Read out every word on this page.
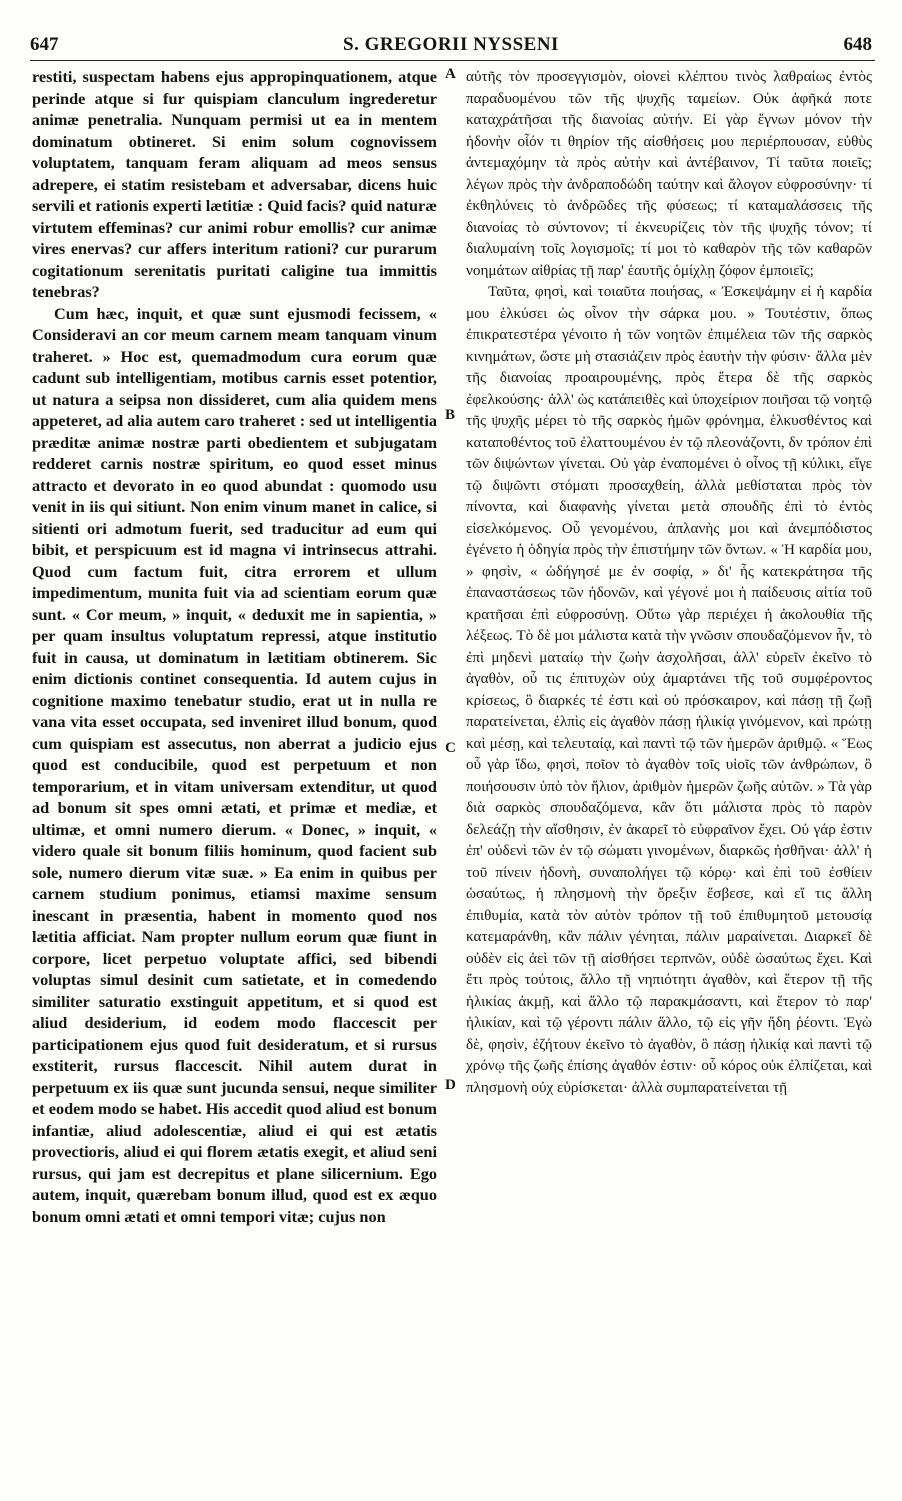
647	S. GREGORII NYSSENI	648

restiti, suspectam habens ejus appropinquationem, atque perinde atque si fur quispiam clanculum ingrederetur animæ penetralia. Nunquam permisi ut ea in mentem dominatum obtineret. Si enim solum cognovissem voluptatem, tanquam feram aliquam ad meos sensus adrepere, ei statim resistebam et adversabar, dicens huic servili et rationis experti lætitiæ : Quid facis? quid naturæ virtutem effeminas? cur animi robur emollis? cur animæ vires enervas? cur affers interitum rationi? cur purarum cogitationum serenitatis puritati caligine tua immittis tenebras?

Cum hæc, inquit, et quæ sunt ejusmodi fecissem, « Consideravi an cor meum carnem meam tanquam vinum traheret. » Hoc est, quemadmodum cura eorum quæ cadunt sub intelligentiam, motibus carnis esset potentior, ut natura a seipsa non dissideret, cum alia quidem mens appeteret, ad alia autem caro traheret : sed ut intelligentia præditæ animæ nostræ parti obedientem et subjugatam redderet carnis nostræ spiritum, eo quod esset minus attracto et devorato in eo quod abundat : quomodo usu venit in iis qui sitiunt. Non enim vinum manet in calice, si sitienti ori admotum fuerit, sed traducitur ad eum qui bibit, et perspicuum est id magna vi intrinsecus attrahi. Quod cum factum fuit, citra errorem et ullum impedimentum, munita fuit via ad scientiam eorum quæ sunt. « Cor meum, » inquit, « deduxit me in sapientia, » per quam insultus voluptatum repressi, atque institutio fuit in causa, ut dominatum in lætitiam obtinerem. Sic enim dictionis continet consequentia. Id autem cujus in cognitione maximo tenebatur studio, erat ut in nulla re vana vita esset occupata, sed inveniret illud bonum, quod cum quispiam est assecutus, non aberrat a judicio ejus quod est conducibile, quod est perpetuum et non temporarium, et in vitam universam extenditur, ut quod ad bonum sit spes omni ætati, et primæ et mediæ, et ultimæ, et omni numero dierum. « Donec, » inquit, « videro quale sit bonum filiis hominum, quod facient sub sole, numero dierum vitæ suæ. » Ea enim in quibus per carnem studium ponimus, etiamsi maxime sensum inescant in præsentia, habent in momento quod nos lætitia afficiat. Nam propter nullum eorum quæ fiunt in corpore, licet perpetuo voluptate affici, sed bibendi voluptas simul desinit cum satietate, et in comedendo similiter saturatio exstinguit appetitum, et si quod est aliud desiderium, id eodem modo flaccescit per participationem ejus quod fuit desideratum, et si rursus exstiterit, rursus flaccescit. Nihil autem durat in perpetuum ex iis quæ sunt jucunda sensui, neque similiter et eodem modo se habet. His accedit quod aliud est bonum infantiæ, aliud adolescentiæ, aliud ei qui est ætatis provectioris, aliud ei qui florem ætatis exegit, et aliud seni rursus, qui jam est decrepitus et plane silicernium. Ego autem, inquit, quærebam bonum illud, quod est ex æquo bonum omni ætati et omni tempori vitæ; cujus non

A
B
C
D

αὐτῆς τὸν προσεγγισμὸν, οἱονεὶ κλέπτου τινὸς λαθραίως ἐντὸς παραδυομένου τῶν τῆς ψυχῆς ταμείων. Οὐκ ἀφῆκά ποτε καταχράτῆσαι τῆς διανοίας αὐτήν. Εἰ γὰρ ἔγνων μόνον τὴν ἡδονὴν οἷόν τι θηρίον τῆς αἰσθήσεις μου περιέρπουσαν, εὐθὺς ἀντεμαχόμην τὰ πρὸς αὐτὴν καὶ ἀντέβαινον, Τί ταῦτα ποιεῖς; λέγων πρὸς τὴν ἀνδραποδώδη ταύτην καὶ ἄλογον εὐφροσύνην· τί ἐκθηλύνεις τὸ ἀνδρῶδες τῆς φύσεως; τί καταμαλάσσεις τῆς διανοίας τὸ σύντονον; τί ἐκνευρίζεις τὸν τῆς ψυχῆς τόνον; τί διαλυμαίνη τοῖς λογισμοῖς; τί μοι τὸ καθαρὸν τῆς τῶν καθαρῶν νοημάτων αἰθρίας τῇ παρ' ἑαυτῆς ὁμίχλῃ ζόφον ἐμποιεῖς;

Ταῦτα, φησὶ, καὶ τοιαῦτα ποιήσας, « Ἐσκεψάμην εἰ ἡ καρδία μου ἑλκύσει ὡς οἶνον τὴν σάρκα μου. » Τουτέστιν, ὅπως ἐπικρατεστέρα γένοιτο ἡ τῶν νοητῶν ἐπιμέλεια τῶν τῆς σαρκὸς κινημάτων, ὥστε μὴ στασιάζειν πρὸς ἑαυτὴν τὴν φύσιν· ἄλλα μὲν τῆς διανοίας προαιρουμένης, πρὸς ἕτερα δὲ τῆς σαρκὸς ἐφελκούσης· ἀλλ' ὡς κατάπειθὲς καὶ ὑποχείριον ποιῆσαι τῷ νοητῷ τῆς ψυχῆς μέρει τὸ τῆς σαρκὸς ἡμῶν φρόνημα, ἑλκυσθέντος καὶ καταποθέντος τοῦ ἐλαττουμένου ἐν τῷ πλεονάζοντι, δν τρόπον ἐπὶ τῶν διψώντων γίνεται. Οὐ γὰρ ἐναπομένει ὁ οἶνος τῇ κύλικι, εἴγε τῷ διψῶντι στόματι προσαχθείη, ἀλλὰ μεθίσταται πρὸς τὸν πίνοντα, καὶ διαφανὴς γίνεται μετὰ σπουδῆς ἐπὶ τὸ ἐντὸς εἰσελκόμενος. Οὗ γενομένου, ἀπλανὴς μοι καὶ ἀνεμπόδιστος ἐγένετο ἡ ὁδηγία πρὸς τὴν ἐπιστήμην τῶν ὄντων. « Ἡ καρδία μου, » φησὶν, « ὡδήγησέ με ἐν σοφίᾳ, » δι' ἧς κατεκράτησα τῆς ἐπαναστάσεως τῶν ἡδονῶν, καὶ γέγονέ μοι ἡ παίδευσις αἰτία τοῦ κρατῆσαι ἐπὶ εὐφροσύνῃ. Οὕτω γὰρ περιέχει ἡ ἀκολουθία τῆς λέξεως. Τὸ δὲ μοι μάλιστα κατὰ τὴν γνῶσιν σπουδαζόμενον ἦν, τὸ ἐπὶ μηδενὶ ματαίῳ τὴν ζωὴν ἀσχολῆσαι, ἀλλ' εὑρεῖν ἐκεῖνο τὸ ἀγαθὸν, οὗ τις ἐπιτυχὼν οὐχ ἁμαρτάνει τῆς τοῦ συμφέροντος κρίσεως, ὃ διαρκές τέ ἐστι καὶ οὐ πρόσκαιρον, καὶ πάσῃ τῇ ζωῇ παρατείνεται, ἐλπὶς εἰς ἀγαθὸν πάσῃ ἡλικίᾳ γινόμενον, καὶ πρώτῃ καὶ μέσῃ, καὶ τελευταίᾳ, καὶ παντὶ τῷ τῶν ἡμερῶν ἀριθμῷ. « Ἕως οὗ γὰρ ἴδω, φησὶ, ποῖον τὸ ἀγαθὸν τοῖς υἱοῖς τῶν ἀνθρώπων, ὃ ποιήσουσιν ὑπὸ τὸν ἥλιον, ἀριθμὸν ἡμερῶν ζωῆς αὐτῶν. » Τὰ γὰρ διὰ σαρκὸς σπουδαζόμενα, κἂν ὅτι μάλιστα πρὸς τὸ παρὸν δελεάζῃ τὴν αἴσθησιν, ἐν ἀκαρεῖ τὸ εὐφραῖνον ἔχει. Οὐ γάρ ἐστιν ἐπ' οὐδενὶ τῶν ἐν τῷ σώματι γινομένων, διαρκῶς ἡσθῆναι· ἀλλ' ἡ τοῦ πίνειν ἡδονὴ, συναπολήγει τῷ κόρῳ· καὶ ἐπὶ τοῦ ἐσθίειν ὡσαύτως, ἡ πλησμονὴ τὴν ὄρεξιν ἔσβεσε, καὶ εἴ τις ἄλλη ἐπιθυμία, κατὰ τὸν αὐτὸν τρόπον τῇ τοῦ ἐπιθυμητοῦ μετουσίᾳ κατεμαράνθη, κἂν πάλιν γένηται, πάλιν μαραίνεται. Διαρκεῖ δὲ οὐδὲν εἰς ἀεὶ τῶν τῇ αἰσθήσει τερπνῶν, οὐδὲ ὡσαύτως ἔχει. Καὶ ἔτι πρὸς τούτοις, ἄλλο τῇ νηπιότητι ἀγαθὸν, καὶ ἕτερον τῇ τῆς ἡλικίας ἀκμῇ, καὶ ἄλλο τῷ παρακμάσαντι, καὶ ἕτερον τὸ παρ' ἡλικίαν, καὶ τῷ γέροντι πάλιν ἄλλο, τῷ εἰς γῆν ἤδη ῥέοντι. Ἐγὼ δὲ, φησὶν, ἐζήτουν ἐκεῖνο τὸ ἀγαθὸν, ὃ πάσῃ ἡλικίᾳ καὶ παντὶ τῷ χρόνῳ τῆς ζωῆς ἐπίσης ἀγαθόν ἐστιν· οὗ κόρος οὐκ ἐλπίζεται, καὶ πλησμονὴ οὐχ εὑρίσκεται· ἀλλὰ συμπαρατείνεται τῇ
